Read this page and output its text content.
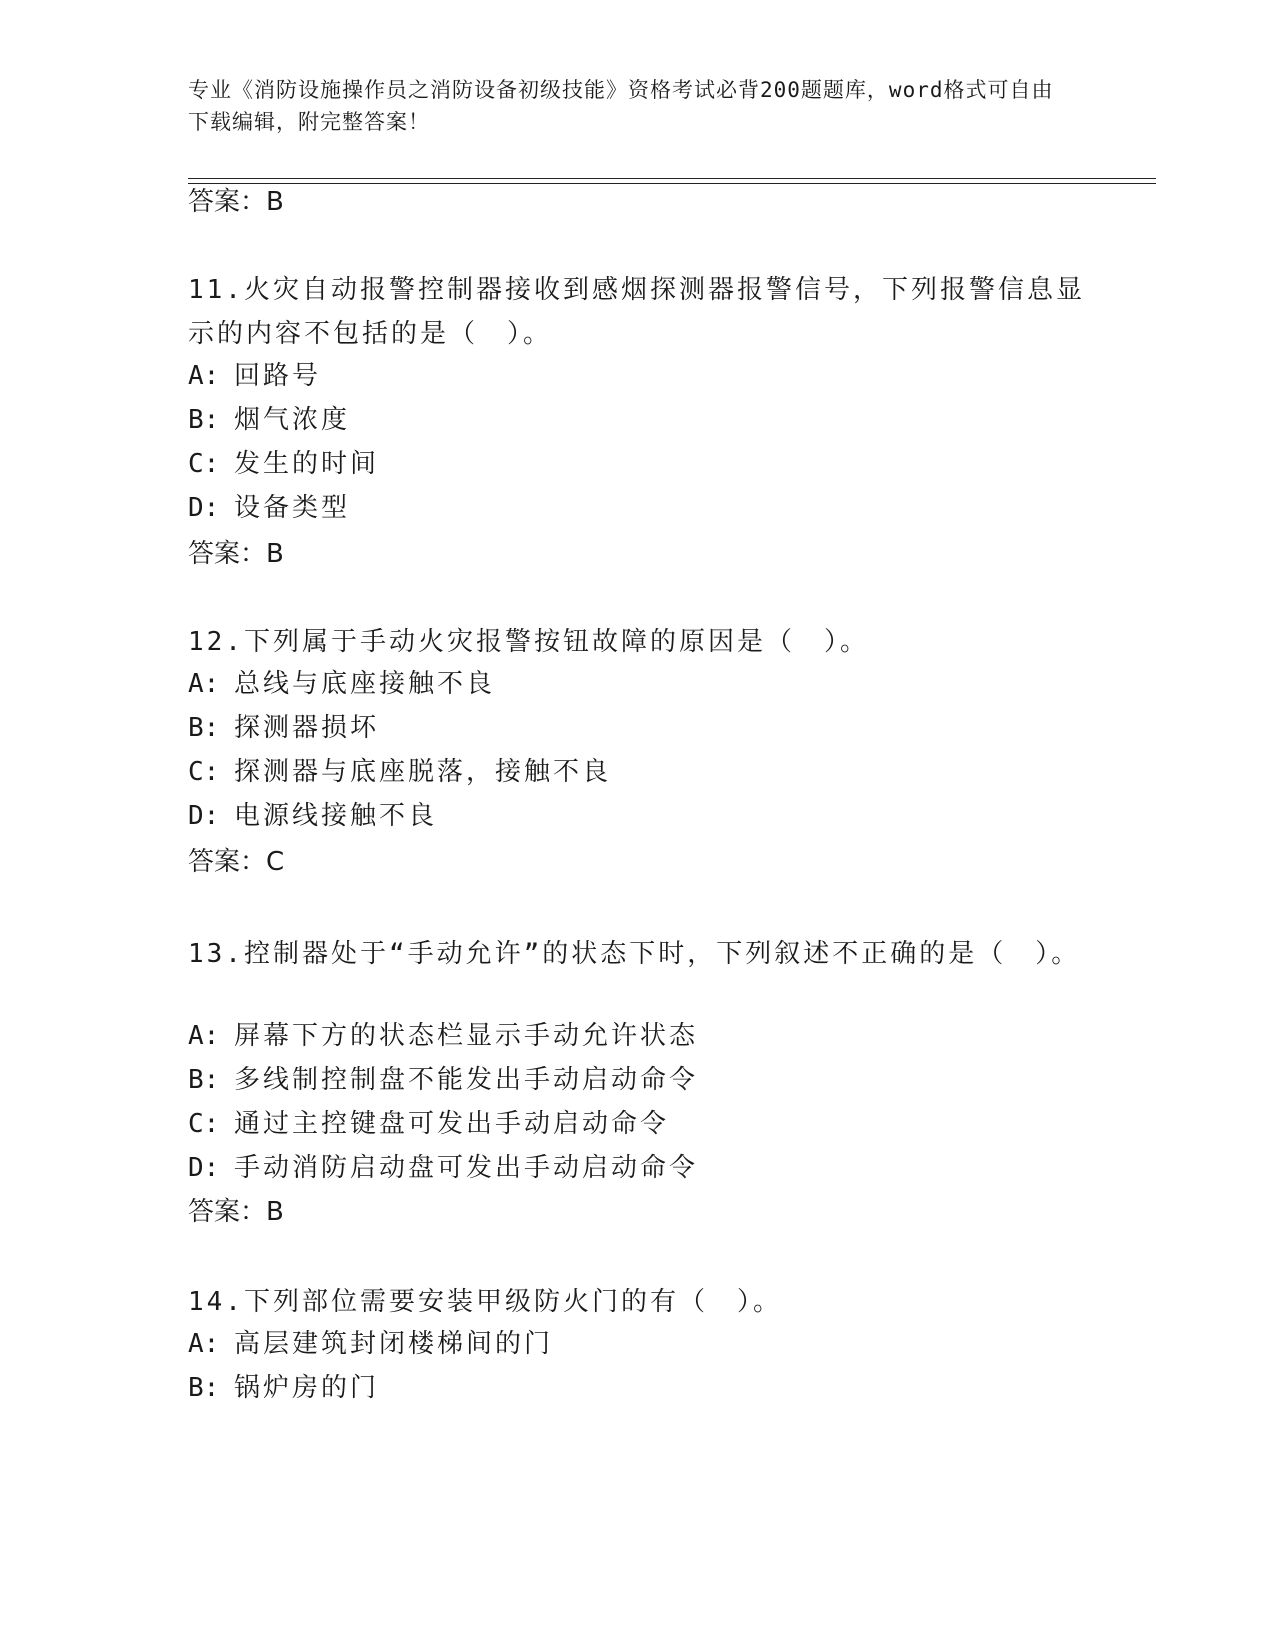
专业《消防设施操作员之消防设备初级技能》资格考试必背200题题库，word格式可自由下载编辑，附完整答案！
答案：B
11.火灾自动报警控制器接收到感烟探测器报警信号，下列报警信息显示的内容不包括的是（　）。
A: 回路号
B: 烟气浓度
C: 发生的时间
D: 设备类型
答案：B
12.下列属于手动火灾报警按钮故障的原因是（　）。
A: 总线与底座接触不良
B: 探测器损坏
C: 探测器与底座脱落，接触不良
D: 电源线接触不良
答案：C
13.控制器处于“手动允许”的状态下时，下列叙述不正确的是（　）。
A: 屏幕下方的状态栏显示手动允许状态
B: 多线制控制盘不能发出手动启动命令
C: 通过主控键盘可发出手动启动命令
D: 手动消防启动盘可发出手动启动命令
答案：B
14.下列部位需要安装甲级防火门的有（　）。
A: 高层建筑封闭楼梯间的门
B: 锅炉房的门
